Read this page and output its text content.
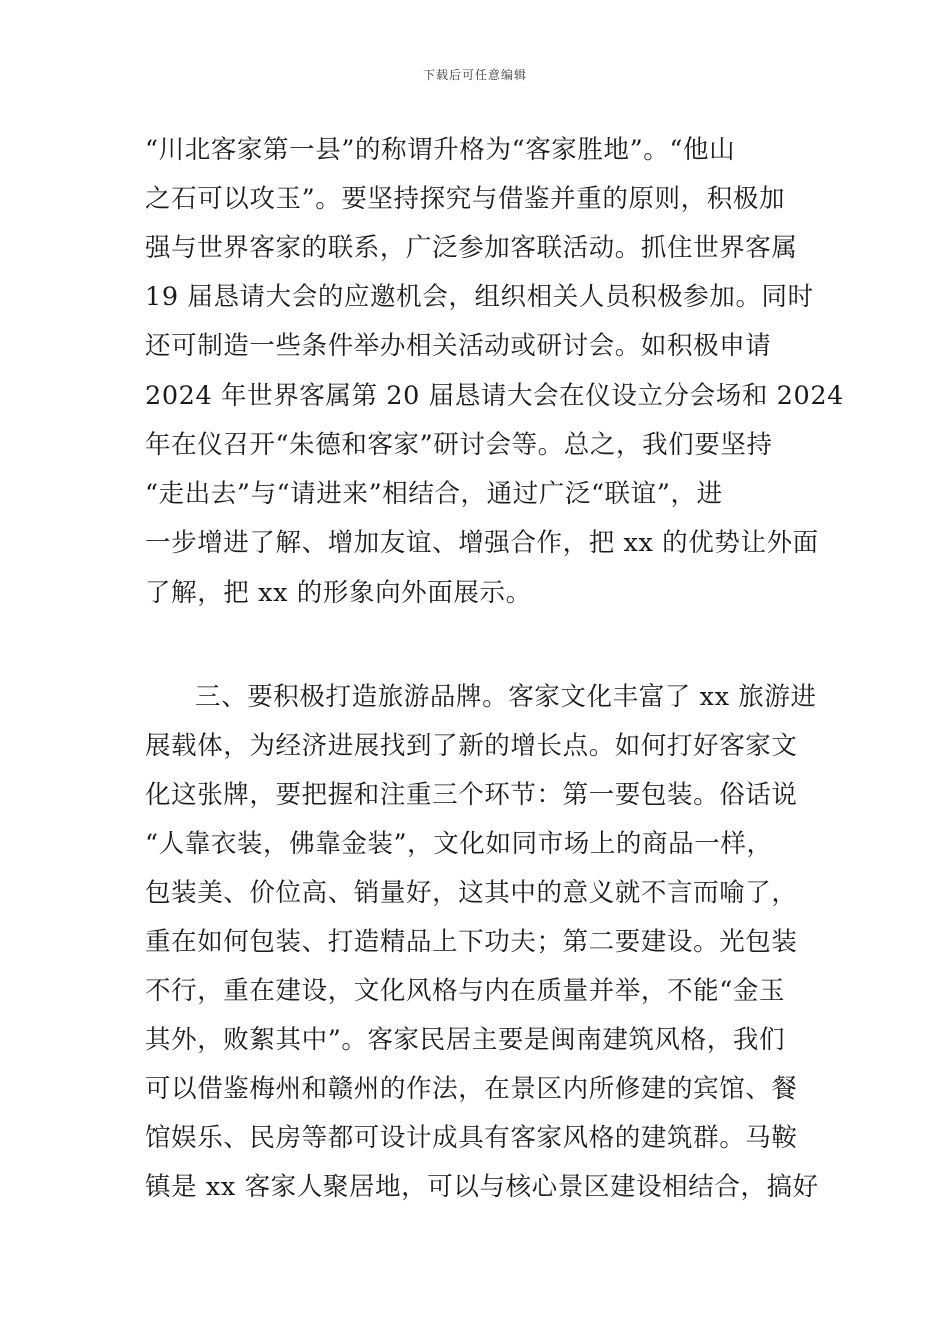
下载后可任意编辑
“川北客家第一县”的称谓升格为“客家胜地”。“他山
之石可以攻玉”。要坚持探究与借鉴并重的原则，积极加
强与世界客家的联系，广泛参加客联活动。抓住世界客属
19 届恳请大会的应邀机会，组织相关人员积极参加。同时
还可制造一些条件举办相关活动或研讨会。如积极申请
2024 年世界客属第 20 届恳请大会在仪设立分会场和 2024
年在仪召开“朱德和客家”研讨会等。总之，我们要坚持
“走出去”与“请进来”相结合，通过广泛“联谊”，进
一步增进了解、增加友谊、增强合作，把 xx 的优势让外面
了解，把 xx 的形象向外面展示。
三、要积极打造旅游品牌。客家文化丰富了 xx 旅游进
展载体，为经济进展找到了新的增长点。如何打好客家文
化这张牌，要把握和注重三个环节：第一要包装。俗话说
“人靠衣装，佛靠金装”，文化如同市场上的商品一样，
包装美、价位高、销量好，这其中的意义就不言而喻了，
重在如何包装、打造精品上下功夫；第二要建设。光包装
不行，重在建设，文化风格与内在质量并举，不能“金玉
其外，败絮其中”。客家民居主要是闽南建筑风格，我们
可以借鉴梅州和赣州的作法，在景区内所修建的宾馆、餐
馆娱乐、民房等都可设计成具有客家风格的建筑群。马鞍
镇是 xx 客家人聚居地，可以与核心景区建设相结合，搞好
